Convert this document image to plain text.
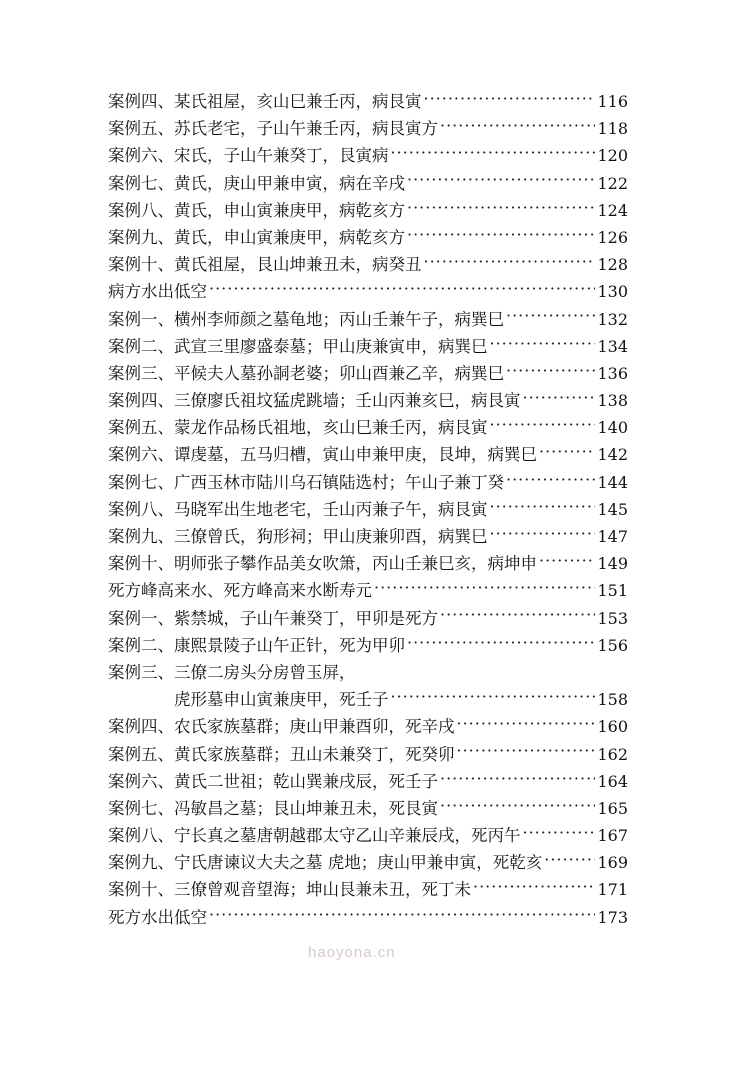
案例四、某氏祖屋，亥山巳兼壬丙，病艮寅 ·····	116
案例五、苏氏老宅，子山午兼壬丙，病艮寅方 ·····	118
案例六、宋氏，子山午兼癸丁，艮寅病 ·····	120
案例七、黄氏，庚山甲兼申寅，病在辛戌 ·····	122
案例八、黄氏，申山寅兼庚甲，病乾亥方 ·····	124
案例九、黄氏，申山寅兼庚甲，病乾亥方 ·····	126
案例十、黄氏祖屋，艮山坤兼丑未，病癸丑 ·····	128
病方水出低空 ·····	130
案例一、横州李师颜之墓龟地；丙山壬兼午子，病巽巳 ·····	132
案例二、武宣三里廖盛泰墓；甲山庚兼寅申，病巽巳 ·····	134
案例三、平候夫人墓孙詷老婆；卯山酉兼乙辛，病巽巳 ·····	136
案例四、三僚廖氏祖坟猛虎跳墙；壬山丙兼亥巳，病艮寅 ·····	138
案例五、蒙龙作品杨氏祖地，亥山巳兼壬丙，病艮寅 ·····	140
案例六、谭虔墓，五马归槽，寅山申兼甲庚，艮坤，病巽巳 ·····	142
案例七、广西玉林市陆川乌石镇陆选村；午山子兼丁癸 ·····	144
案例八、马晓军出生地老宅，壬山丙兼子午，病艮寅 ·····	145
案例九、三僚曾氏，狗形祠；甲山庚兼卯酉，病巽巳 ·····	147
案例十、明师张子攀作品美女吹箫，丙山壬兼巳亥，病坤申 ·····	149
死方峰高来水、死方峰高来水断寿元 ·····	151
案例一、紫禁城，子山午兼癸丁，甲卯是死方 ·····	153
案例二、康熙景陵子山午正针，死为甲卯 ·····	156
案例三、三僚二房头分房曾玉屏，
虎形墓申山寅兼庚甲，死壬子 ·····	158
案例四、农氏家族墓群；庚山甲兼酉卯，死辛戌 ·····	160
案例五、黄氏家族墓群；丑山未兼癸丁，死癸卯 ·····	162
案例六、黄氏二世祖；乾山巽兼戌辰，死壬子 ·····	164
案例七、冯敏昌之墓；艮山坤兼丑未，死艮寅 ·····	165
案例八、宁长真之墓唐朝越郡太守乙山辛兼辰戌，死丙午 ·····	167
案例九、宁氏唐谏议大夫之墓 虎地；庚山甲兼申寅，死乾亥 ·····	169
案例十、三僚曾观音望海；坤山艮兼未丑，死丁未 ·····	171
死方水出低空 ·····	173
haoyona.cn
